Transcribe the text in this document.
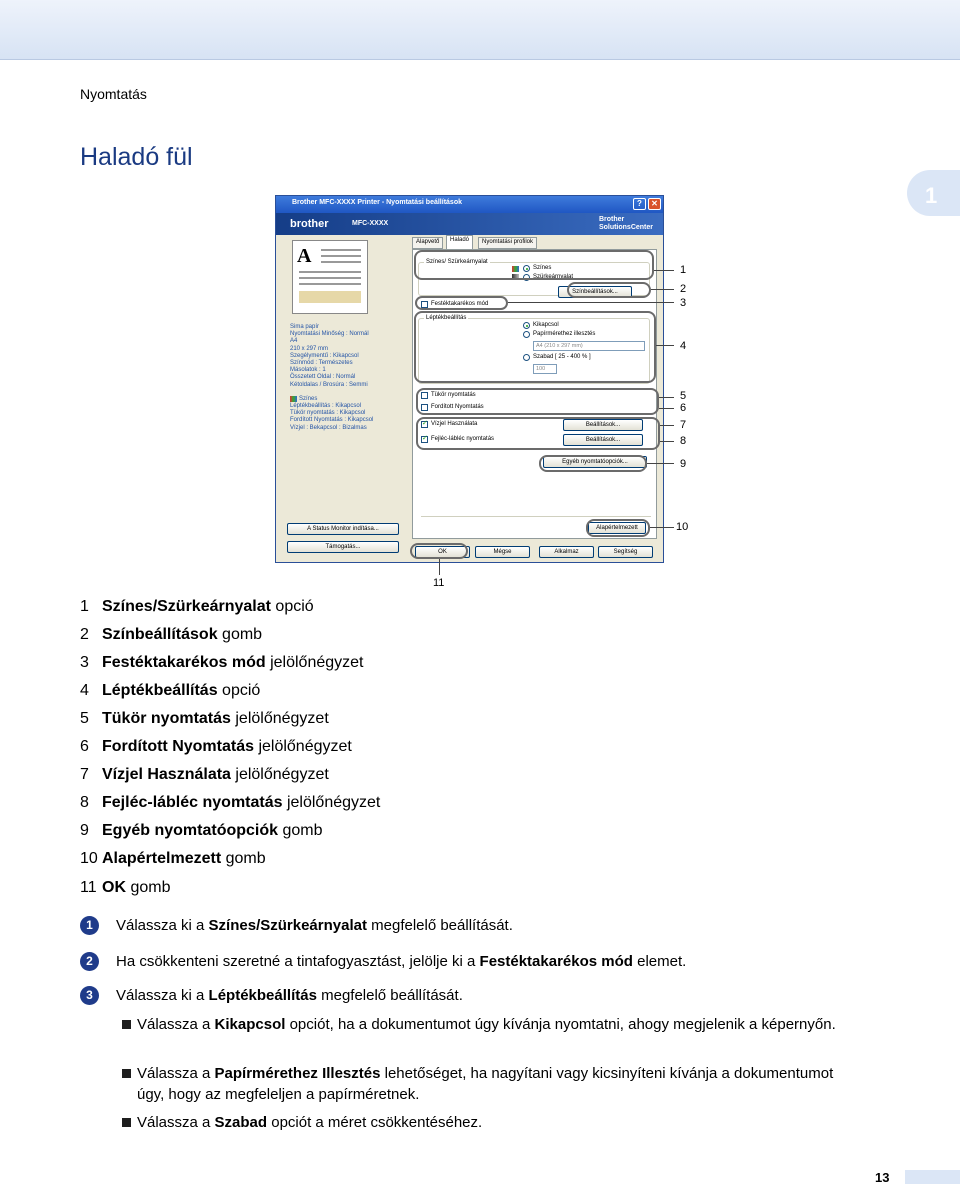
Nyomtatás
Haladó fül
1
Brother MFC-XXXX Printer - Nyomtatási beállítások	?	✕
brother	MFC-XXXX
Brother
SolutionsCenter
A
Sima papír
Nyomtatási Minőség : Normál
A4
210 x 297 mm
Szegélymentű : Kikapcsol
Színmód : Természetes
Másolatok : 1
Összetett Oldal : Normál
Kétoldalas / Brosúra : Semmi
Színes
Léptékbeállítás : Kikapcsol
Tükör nyomtatás : Kikapcsol
Fordított Nyomtatás : Kikapcsol
Vízjel : Bekapcsol : Bizalmas
Alapvető	Haladó	Nyomtatási profilok
Színes/ Szürkeárnyalat
Színes
Szürkeárnyalat
Színbeállítások...
Festéktakarékos mód
Léptékbeállítás
Kikapcsol
Papírmérethez illesztés
A4 (210 x 297 mm)
Szabad [ 25 - 400 % ]
100
Tükör nyomtatás
Fordított Nyomtatás
✓
Vízjel Használata	Beállítások...
✓
Fejléc-lábléc nyomtatás	Beállítások...
Egyéb nyomtatóopciók...
Alapértelmezett
A Status Monitor indítása...
Támogatás...
OK	Mégse	Alkalmaz	Segítség
1
2
3
4
5
6
7
8
9
10
11
1 Színes/Szürkeárnyalat opció
2 Színbeállítások gomb
3 Festéktakarékos mód jelölőnégyzet
4 Léptékbeállítás opció
5 Tükör nyomtatás jelölőnégyzet
6 Fordított Nyomtatás jelölőnégyzet
7 Vízjel Használata jelölőnégyzet
8 Fejléc-lábléc nyomtatás jelölőnégyzet
9 Egyéb nyomtatóopciók gomb
10 Alapértelmezett gomb
11 OK gomb
1	Válassza ki a Színes/Szürkeárnyalat megfelelő beállítását.
2	Ha csökkenteni szeretné a tintafogyasztást, jelölje ki a Festéktakarékos mód elemet.
3	Válassza ki a Léptékbeállítás megfelelő beállítását.
Válassza a Kikapcsol opciót, ha a dokumentumot úgy kívánja nyomtatni, ahogy megjelenik a képernyőn.
Válassza a Papírmérethez Illesztés lehetőséget, ha nagyítani vagy kicsinyíteni kívánja a dokumentumot úgy, hogy az megfeleljen a papírméretnek.
Válassza a Szabad opciót a méret csökkentéséhez.
13
